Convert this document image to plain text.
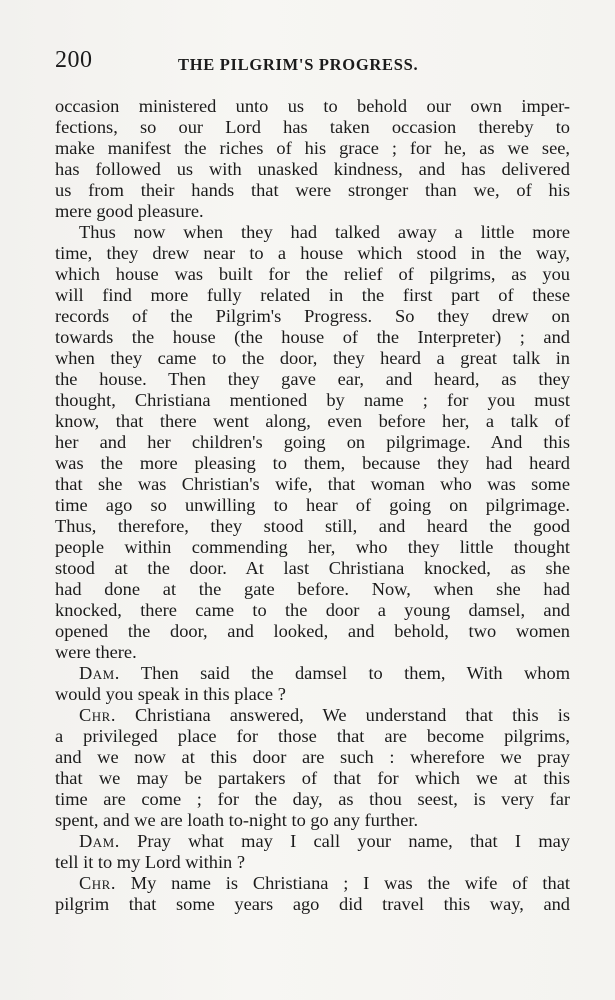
200	THE PILGRIM'S PROGRESS.
occasion ministered unto us to behold our own imper-
fections, so our Lord has taken occasion thereby to
make manifest the riches of his grace ; for he, as we see,
has followed us with unasked kindness, and has delivered
us from their hands that were stronger than we, of his
mere good pleasure.
Thus now when they had talked away a little more
time, they drew near to a house which stood in the way,
which house was built for the relief of pilgrims, as you
will find more fully related in the first part of these
records of the Pilgrim's Progress. So they drew on
towards the house (the house of the Interpreter) ; and
when they came to the door, they heard a great talk in
the house. Then they gave ear, and heard, as they
thought, Christiana mentioned by name ; for you must
know, that there went along, even before her, a talk of
her and her children's going on pilgrimage. And this
was the more pleasing to them, because they had heard
that she was Christian's wife, that woman who was some
time ago so unwilling to hear of going on pilgrimage.
Thus, therefore, they stood still, and heard the good
people within commending her, who they little thought
stood at the door. At last Christiana knocked, as she
had done at the gate before. Now, when she had
knocked, there came to the door a young damsel, and
opened the door, and looked, and behold, two women
were there.
Dam. Then said the damsel to them, With whom
would you speak in this place ?
Chr. Christiana answered, We understand that this is
a privileged place for those that are become pilgrims,
and we now at this door are such : wherefore we pray
that we may be partakers of that for which we at this
time are come ; for the day, as thou seest, is very far
spent, and we are loath to-night to go any further.
Dam. Pray what may I call your name, that I may
tell it to my Lord within ?
Chr. My name is Christiana ; I was the wife of that
pilgrim that some years ago did travel this way, and
